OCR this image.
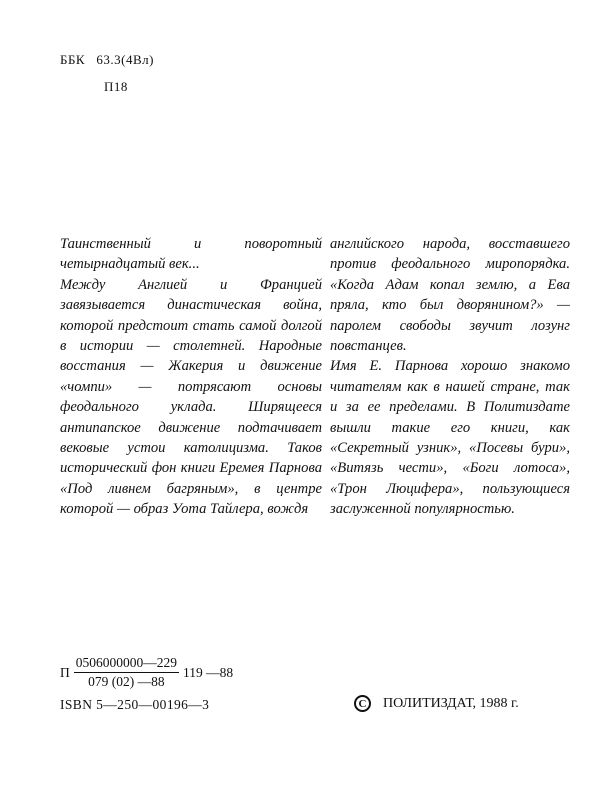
ББК 63.3(4Вл)
П18
Таинственный и поворотный четырнадцатый век...
Между Англией и Францией завязывается династическая война, которой предстоит стать самой долгой в истории — столетней. Народные восстания — Жакерия и движение «чомпи» — потрясают основы феодального уклада. Ширящееся антипапское движение подтачивает вековые устои католицизма. Таков исторический фон книги Еремея Парнова «Под ливнем багряным», в центре которой — образ Уота Тайлера, вождя
английского народа, восставшего против феодального миропорядка. «Когда Адам копал землю, а Ева пряла, кто был дворянином?» — паролем свободы звучит лозунг повстанцев.
Имя Е. Парнова хорошо знакомо читателям как в нашей стране, так и за ее пределами. В Политиздате вышли такие его книги, как «Секретный узник», «Посевы бури», «Витязь чести», «Боги лотоса», «Трон Люцифера», пользующиеся заслуженной популярностью.
П $\frac{0506000000—229}{079 (02) —88} 119$ —88
ISBN 5—250—00196—3	С	ПОЛИТИЗДАТ, 1988 г.
